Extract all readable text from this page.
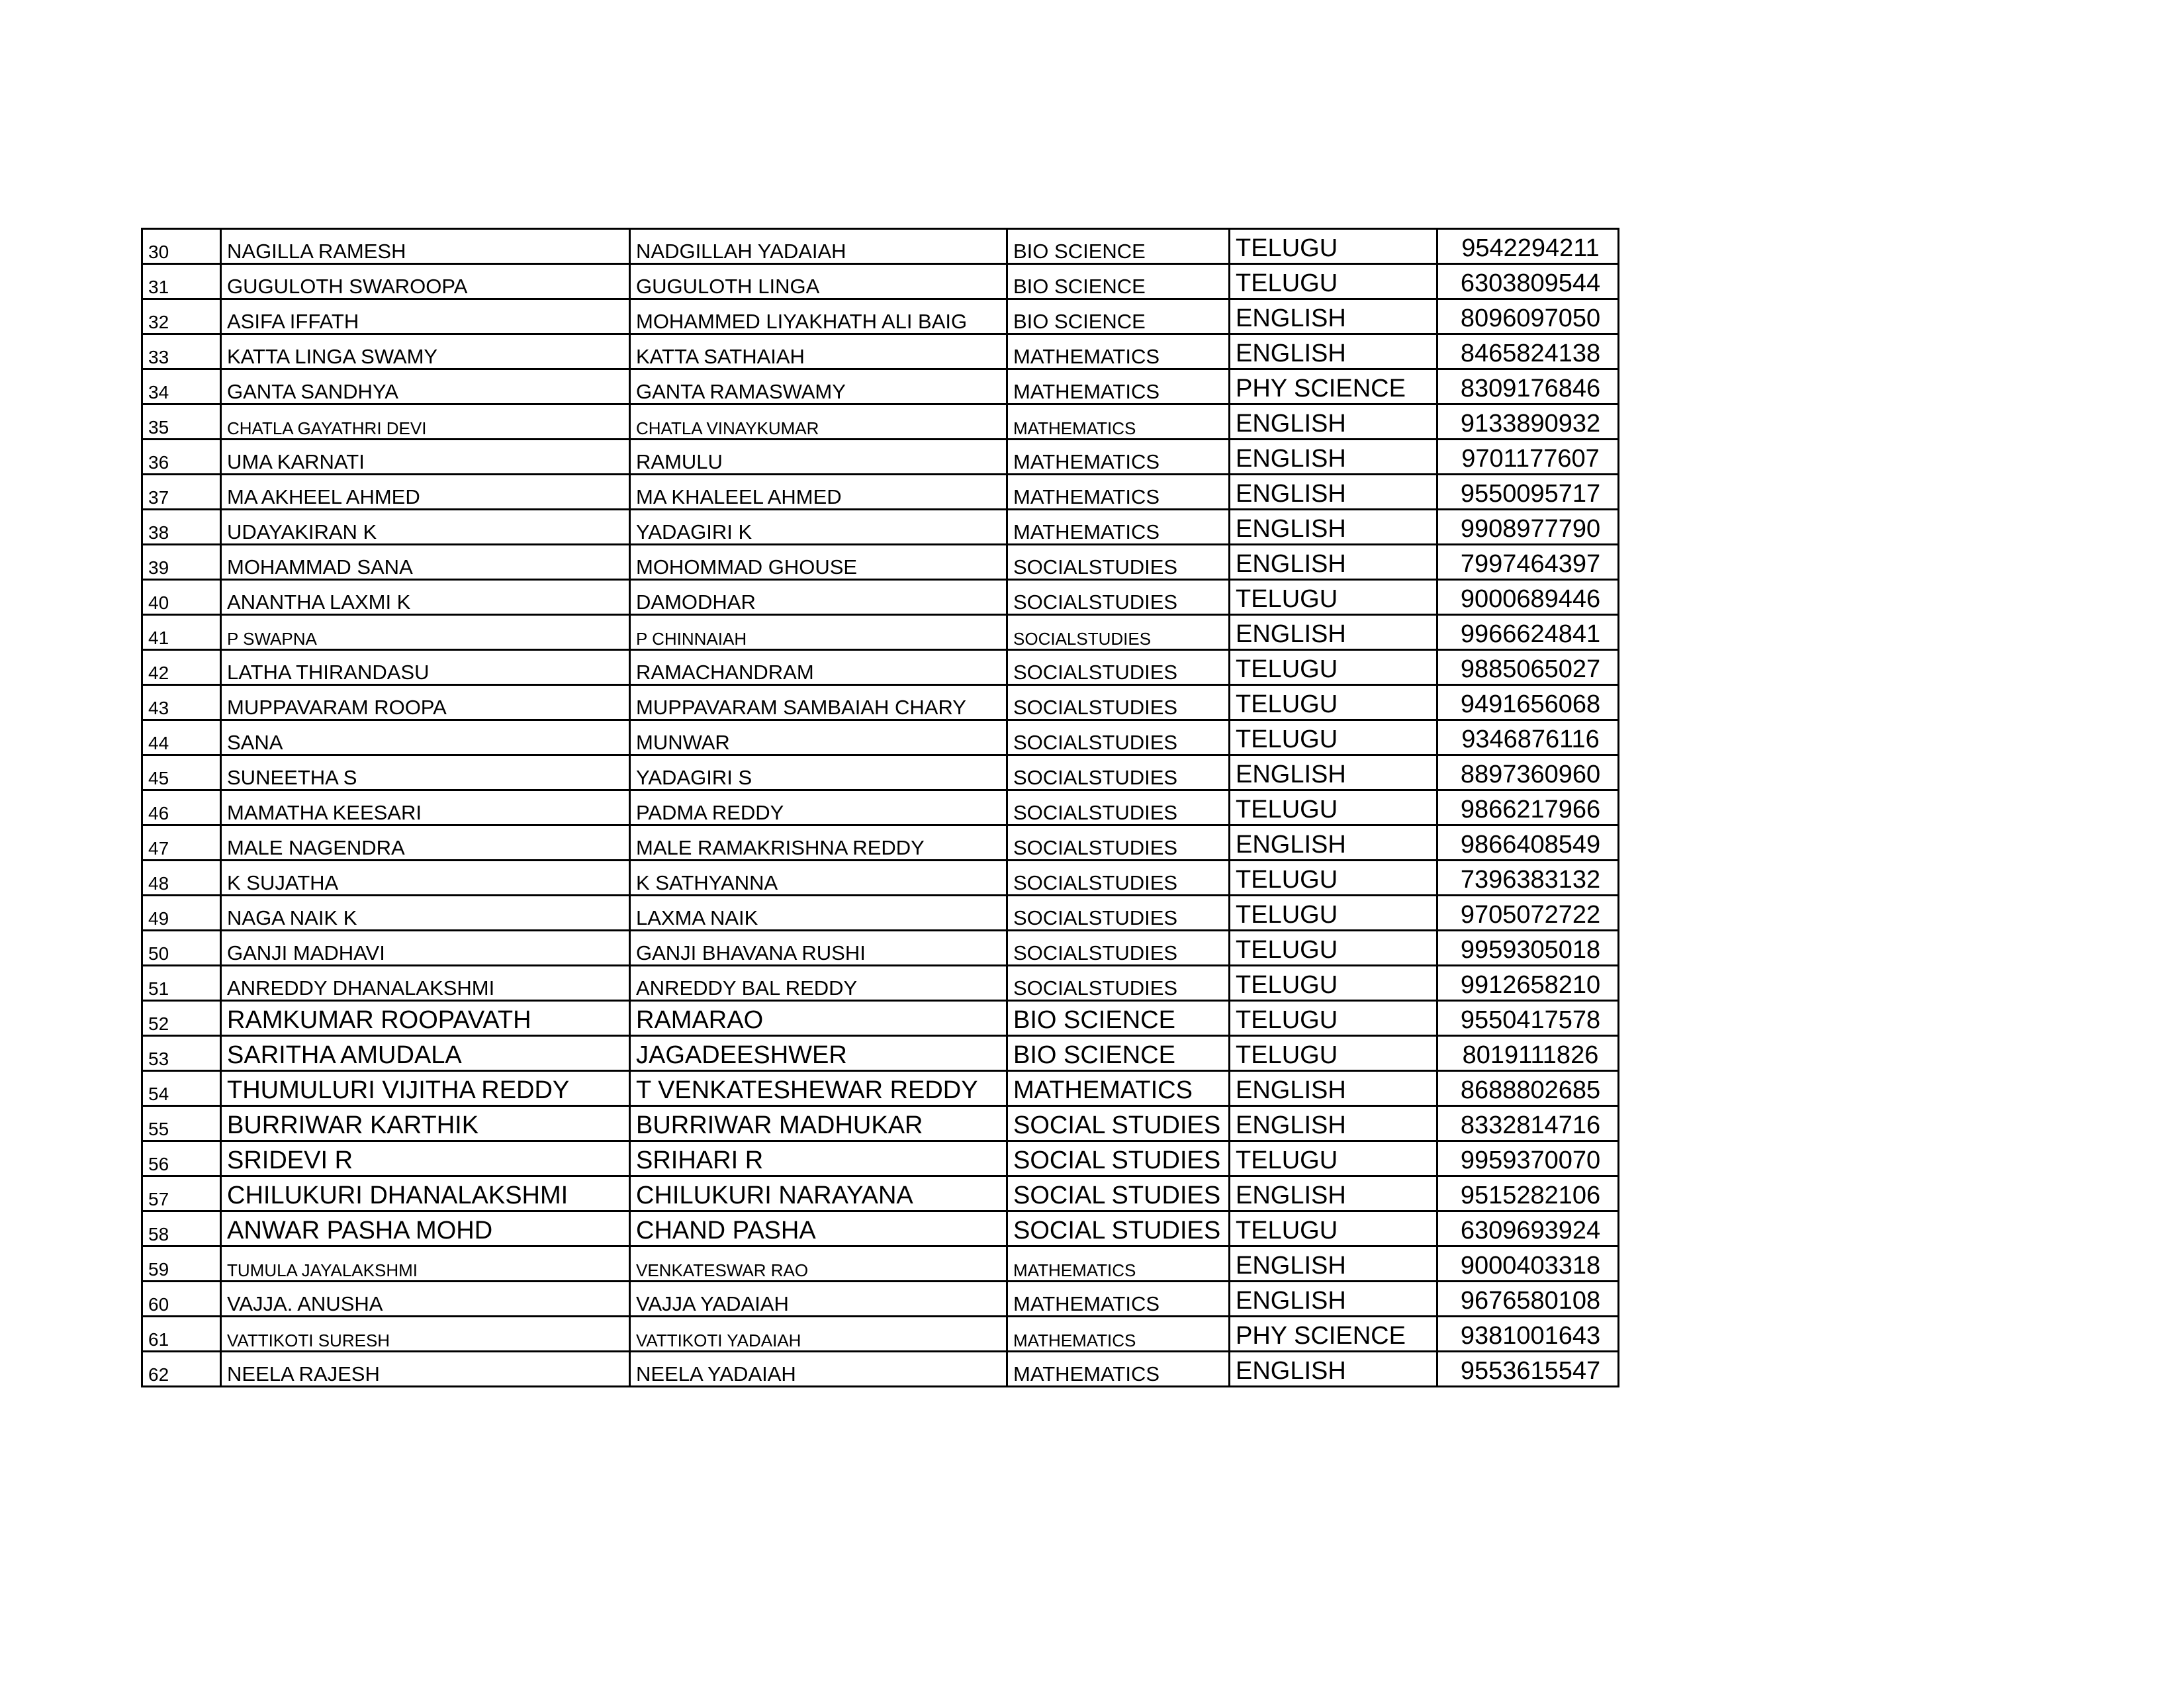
30	NAGILLA RAMESH	NADGILLAH YADAIAH	BIO SCIENCE	TELUGU	9542294211
31	GUGULOTH SWAROOPA	GUGULOTH LINGA	BIO SCIENCE	TELUGU	6303809544
32	ASIFA IFFATH	MOHAMMED LIYAKHATH ALI BAIG	BIO SCIENCE	ENGLISH	8096097050
33	KATTA LINGA SWAMY	KATTA SATHAIAH	MATHEMATICS	ENGLISH	8465824138
34	GANTA SANDHYA	GANTA RAMASWAMY	MATHEMATICS	PHY SCIENCE	8309176846
35	CHATLA GAYATHRI DEVI	CHATLA VINAYKUMAR	MATHEMATICS	ENGLISH	9133890932
36	UMA KARNATI	RAMULU	MATHEMATICS	ENGLISH	9701177607
37	MA AKHEEL AHMED	MA KHALEEL AHMED	MATHEMATICS	ENGLISH	9550095717
38	UDAYAKIRAN K	YADAGIRI K	MATHEMATICS	ENGLISH	9908977790
39	MOHAMMAD SANA	MOHOMMAD GHOUSE	SOCIALSTUDIES	ENGLISH	7997464397
40	ANANTHA LAXMI K	DAMODHAR	SOCIALSTUDIES	TELUGU	9000689446
41	P SWAPNA	P CHINNAIAH	SOCIALSTUDIES	ENGLISH	9966624841
42	LATHA THIRANDASU	RAMACHANDRAM	SOCIALSTUDIES	TELUGU	9885065027
43	MUPPAVARAM ROOPA	MUPPAVARAM SAMBAIAH CHARY	SOCIALSTUDIES	TELUGU	9491656068
44	SANA	MUNWAR	SOCIALSTUDIES	TELUGU	9346876116
45	SUNEETHA S	YADAGIRI S	SOCIALSTUDIES	ENGLISH	8897360960
46	MAMATHA KEESARI	PADMA REDDY	SOCIALSTUDIES	TELUGU	9866217966
47	MALE NAGENDRA	MALE RAMAKRISHNA REDDY	SOCIALSTUDIES	ENGLISH	9866408549
48	K SUJATHA	K SATHYANNA	SOCIALSTUDIES	TELUGU	7396383132
49	NAGA NAIK K	LAXMA NAIK	SOCIALSTUDIES	TELUGU	9705072722
50	GANJI MADHAVI	GANJI BHAVANA RUSHI	SOCIALSTUDIES	TELUGU	9959305018
51	ANREDDY DHANALAKSHMI	ANREDDY BAL REDDY	SOCIALSTUDIES	TELUGU	9912658210
52	RAMKUMAR ROOPAVATH	RAMARAO	BIO SCIENCE	TELUGU	9550417578
53	SARITHA AMUDALA	JAGADEESHWER	BIO SCIENCE	TELUGU	8019111826
54	THUMULURI VIJITHA REDDY	T VENKATESHEWAR REDDY	MATHEMATICS	ENGLISH	8688802685
55	BURRIWAR KARTHIK	BURRIWAR MADHUKAR	SOCIAL STUDIES	ENGLISH	8332814716
56	SRIDEVI R	SRIHARI R	SOCIAL STUDIES	TELUGU	9959370070
57	CHILUKURI DHANALAKSHMI	CHILUKURI NARAYANA	SOCIAL STUDIES	ENGLISH	9515282106
58	ANWAR PASHA MOHD	CHAND PASHA	SOCIAL STUDIES	TELUGU	6309693924
59	TUMULA JAYALAKSHMI	VENKATESWAR RAO	MATHEMATICS	ENGLISH	9000403318
60	VAJJA. ANUSHA	VAJJA YADAIAH	MATHEMATICS	ENGLISH	9676580108
61	VATTIKOTI SURESH	VATTIKOTI YADAIAH	MATHEMATICS	PHY SCIENCE	9381001643
62	NEELA RAJESH	NEELA YADAIAH	MATHEMATICS	ENGLISH	9553615547
